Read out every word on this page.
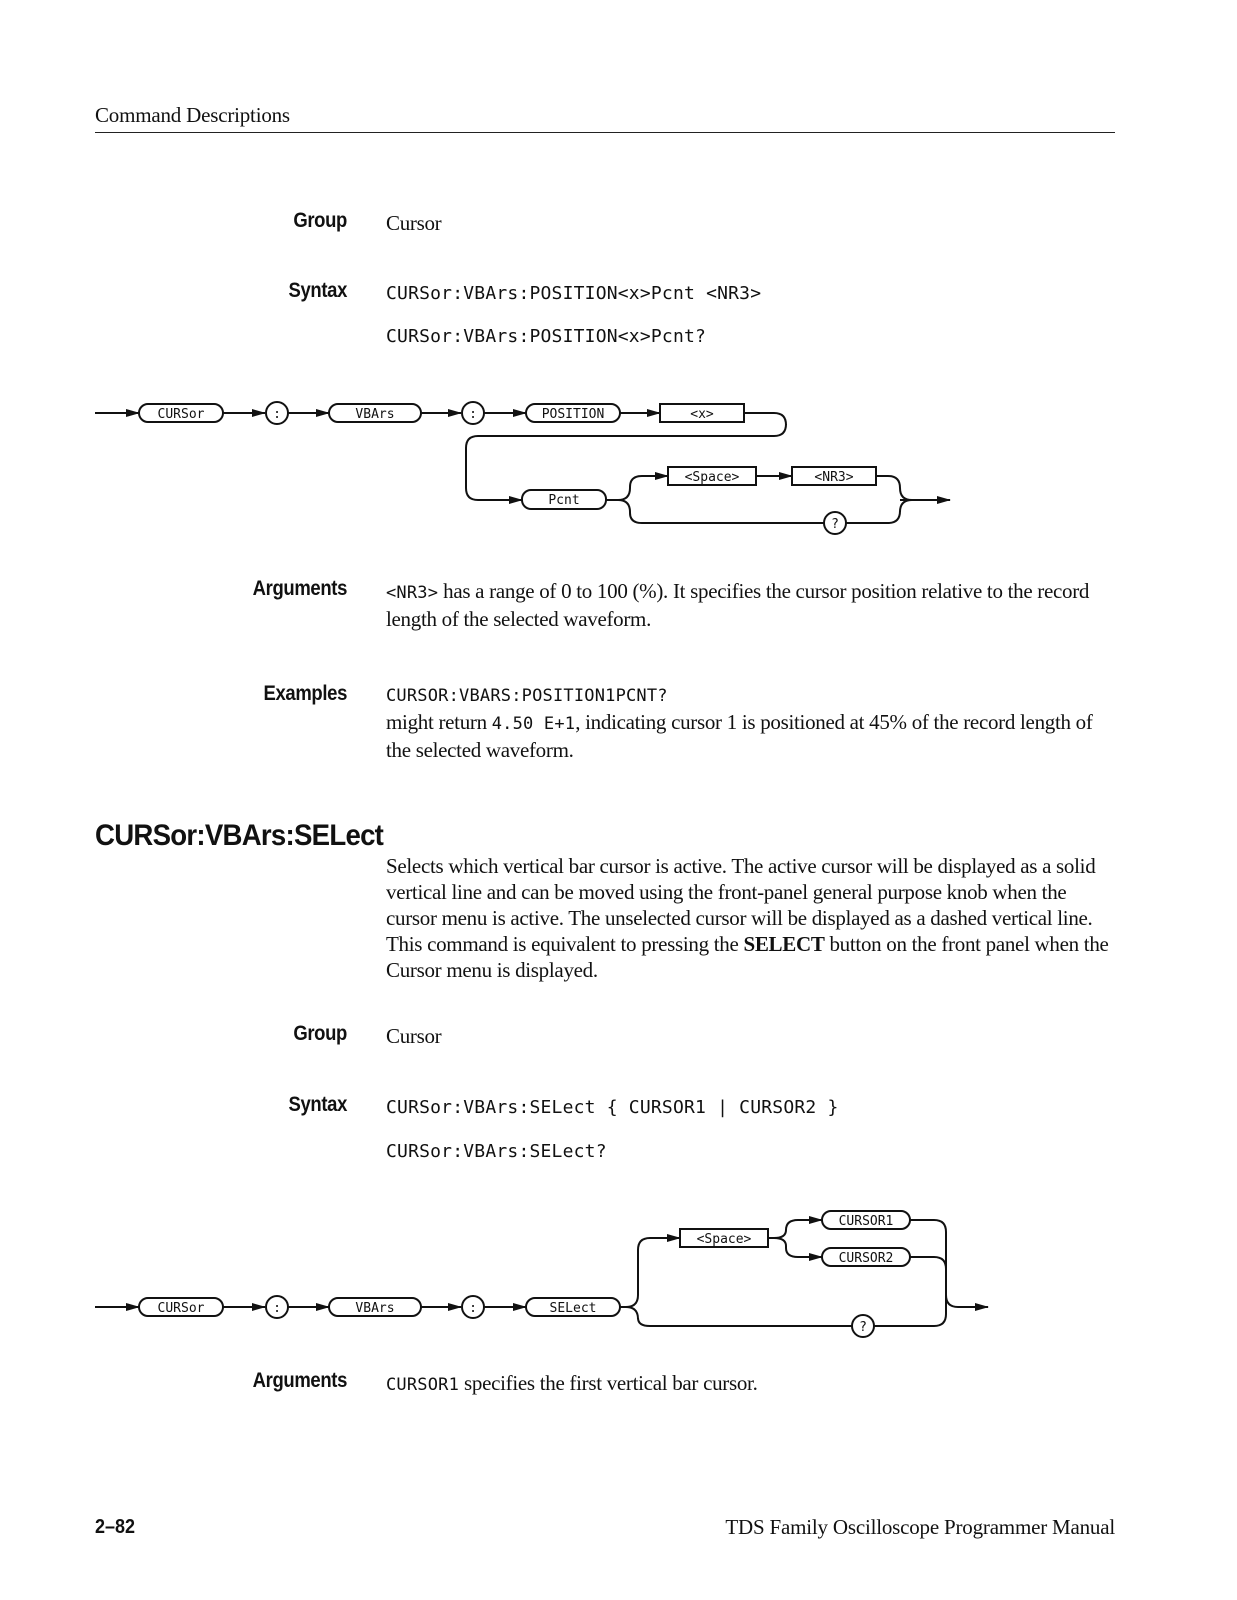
Command Descriptions
Group Cursor
Syntax CURSor:VBArs:POSITION<x>Pcnt <NR3>
CURSor:VBArs:POSITION<x>Pcnt?
CURSor	:	VBArs	:	POSITION	<x>
Pcnt
<Space>	<NR3>
?
Arguments <NR3> has a range of 0 to 100 (%). It specifies the cursor position relative to the record length of the selected waveform.
Examples CURSOR:VBARS:POSITION1PCNT?
might return 4.50 E+1, indicating cursor 1 is positioned at 45% of the record length of the selected waveform.
CURSor:VBArs:SELect
Selects which vertical bar cursor is active. The active cursor will be displayed as a solid vertical line and can be moved using the front-panel general purpose knob when the cursor menu is active. The unselected cursor will be displayed as a dashed vertical line. This command is equivalent to pressing the SELECT button on the front panel when the Cursor menu is displayed.
Group Cursor
Syntax CURSor:VBArs:SELect { CURSOR1 | CURSOR2 }
CURSor:VBArs:SELect?
CURSor	:	VBArs	:	SELect
<Space>
CURSOR1
CURSOR2
?
Arguments CURSOR1 specifies the first vertical bar cursor.
2–82	TDS Family Oscilloscope Programmer Manual
